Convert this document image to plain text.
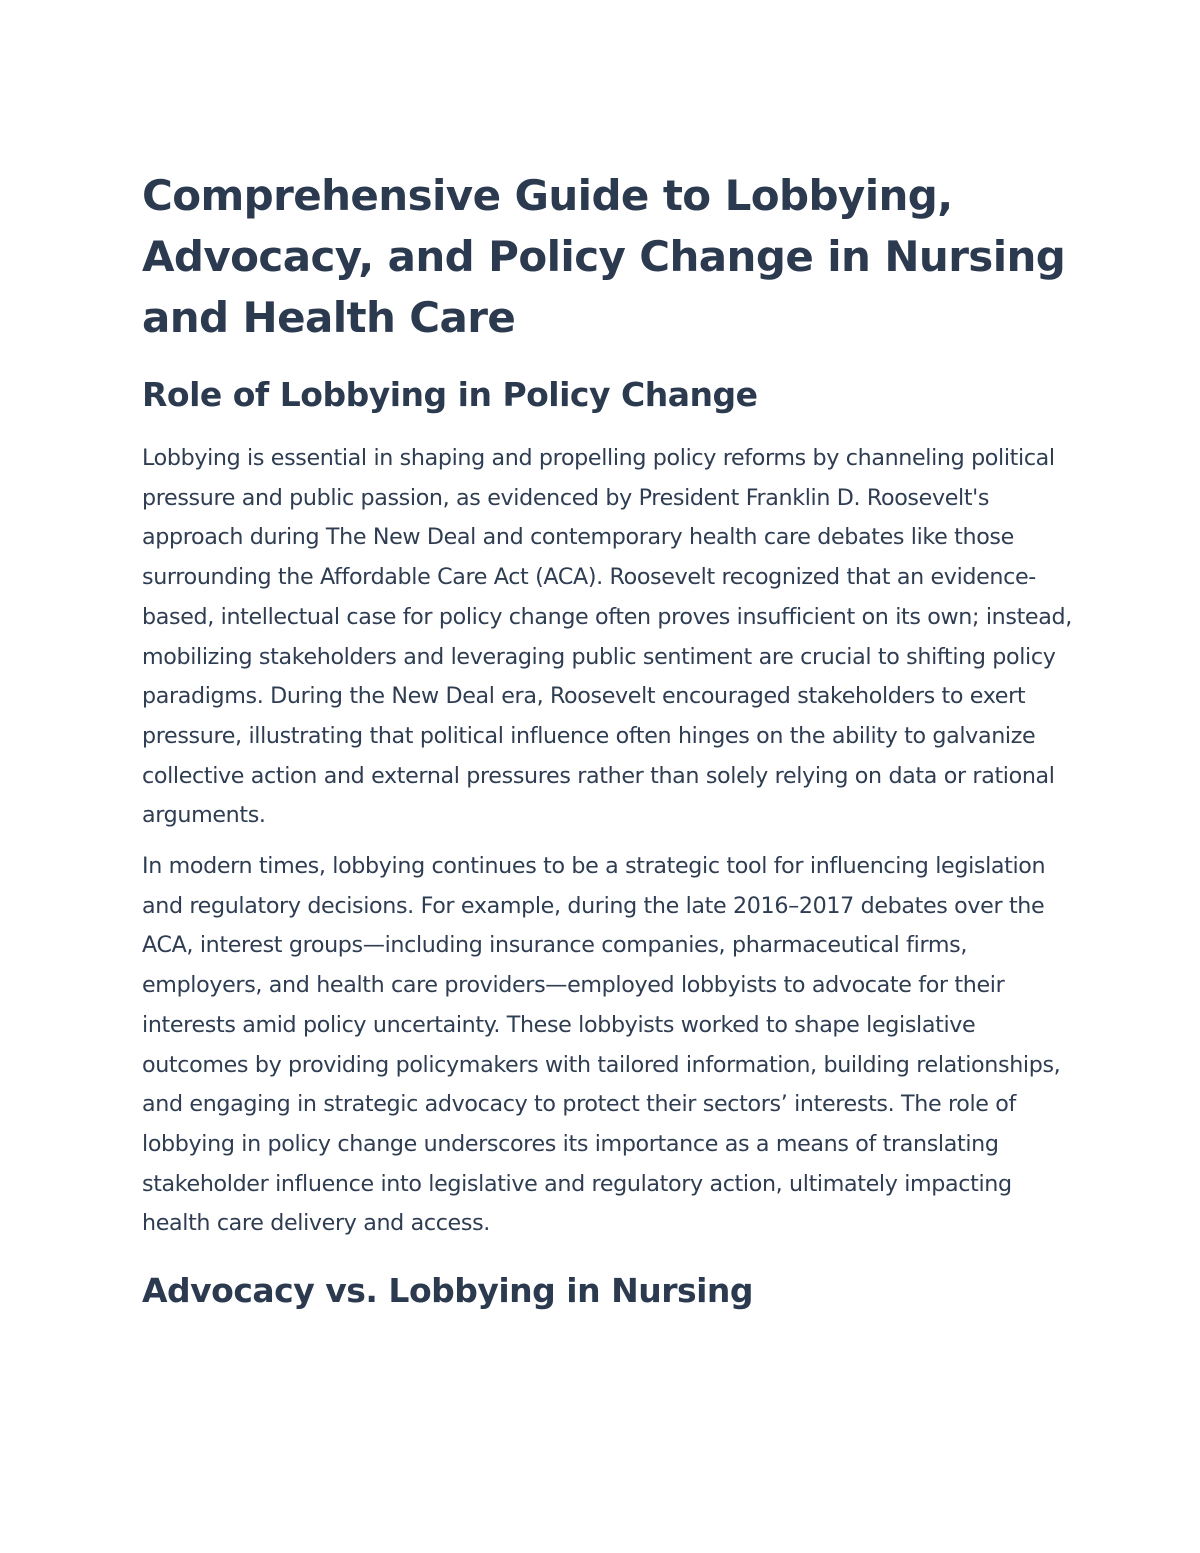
Comprehensive Guide to Lobbying, Advocacy, and Policy Change in Nursing and Health Care
Role of Lobbying in Policy Change

Lobbying is essential in shaping and propelling policy reforms by channeling political pressure and public passion, as evidenced by President Franklin D. Roosevelt's approach during The New Deal and contemporary health care debates like those surrounding the Affordable Care Act (ACA). Roosevelt recognized that an evidence-based, intellectual case for policy change often proves insufficient on its own; instead, mobilizing stakeholders and leveraging public sentiment are crucial to shifting policy paradigms. During the New Deal era, Roosevelt encouraged stakeholders to exert pressure, illustrating that political influence often hinges on the ability to galvanize collective action and external pressures rather than solely relying on data or rational arguments.

In modern times, lobbying continues to be a strategic tool for influencing legislation and regulatory decisions. For example, during the late 2016–2017 debates over the ACA, interest groups—including insurance companies, pharmaceutical firms, employers, and health care providers—employed lobbyists to advocate for their interests amid policy uncertainty. These lobbyists worked to shape legislative outcomes by providing policymakers with tailored information, building relationships, and engaging in strategic advocacy to protect their sectors’ interests. The role of lobbying in policy change underscores its importance as a means of translating stakeholder influence into legislative and regulatory action, ultimately impacting health care delivery and access.

Advocacy vs. Lobbying in Nursing
